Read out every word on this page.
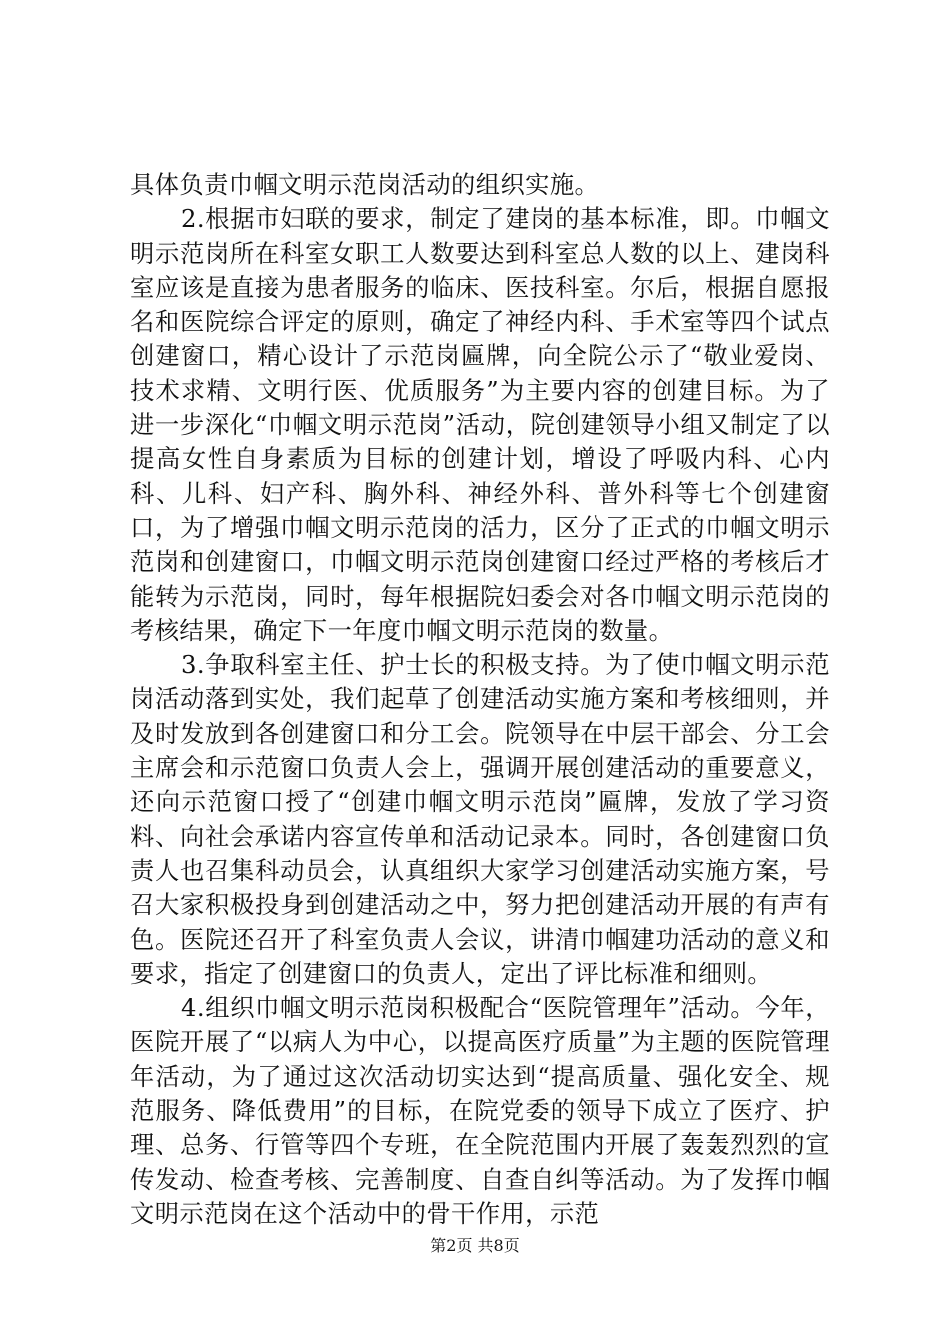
具体负责巾帼文明示范岗活动的组织实施。

2.根据市妇联的要求，制定了建岗的基本标准，即。巾帼文明示范岗所在科室女职工人数要达到科室总人数的以上、建岗科室应该是直接为患者服务的临床、医技科室。尔后，根据自愿报名和医院综合评定的原则，确定了神经内科、手术室等四个试点创建窗口，精心设计了示范岗匾牌，向全院公示了“敬业爱岗、技术求精、文明行医、优质服务”为主要内容的创建目标。为了进一步深化“巾帼文明示范岗”活动，院创建领导小组又制定了以提高女性自身素质为目标的创建计划，增设了呼吸内科、心内科、儿科、妇产科、胸外科、神经外科、普外科等七个创建窗口，为了增强巾帼文明示范岗的活力，区分了正式的巾帼文明示范岗和创建窗口，巾帼文明示范岗创建窗口经过严格的考核后才能转为示范岗，同时，每年根据院妇委会对各巾帼文明示范岗的考核结果，确定下一年度巾帼文明示范岗的数量。

3.争取科室主任、护士长的积极支持。为了使巾帼文明示范岗活动落到实处，我们起草了创建活动实施方案和考核细则，并及时发放到各创建窗口和分工会。院领导在中层干部会、分工会主席会和示范窗口负责人会上，强调开展创建活动的重要意义，还向示范窗口授了“创建巾帼文明示范岗”匾牌，发放了学习资料、向社会承诺内容宣传单和活动记录本。同时，各创建窗口负责人也召集科动员会，认真组织大家学习创建活动实施方案，号召大家积极投身到创建活动之中，努力把创建活动开展的有声有色。医院还召开了科室负责人会议，讲清巾帼建功活动的意义和要求，指定了创建窗口的负责人，定出了评比标准和细则。

4.组织巾帼文明示范岗积极配合“医院管理年”活动。今年，医院开展了“以病人为中心，以提高医疗质量”为主题的医院管理年活动，为了通过这次活动切实达到“提高质量、强化安全、规范服务、降低费用”的目标，在院党委的领导下成立了医疗、护理、总务、行管等四个专班，在全院范围内开展了轰轰烈烈的宣传发动、检查考核、完善制度、自查自纠等活动。为了发挥巾帼文明示范岗在这个活动中的骨干作用，示范

第2页 共8页
